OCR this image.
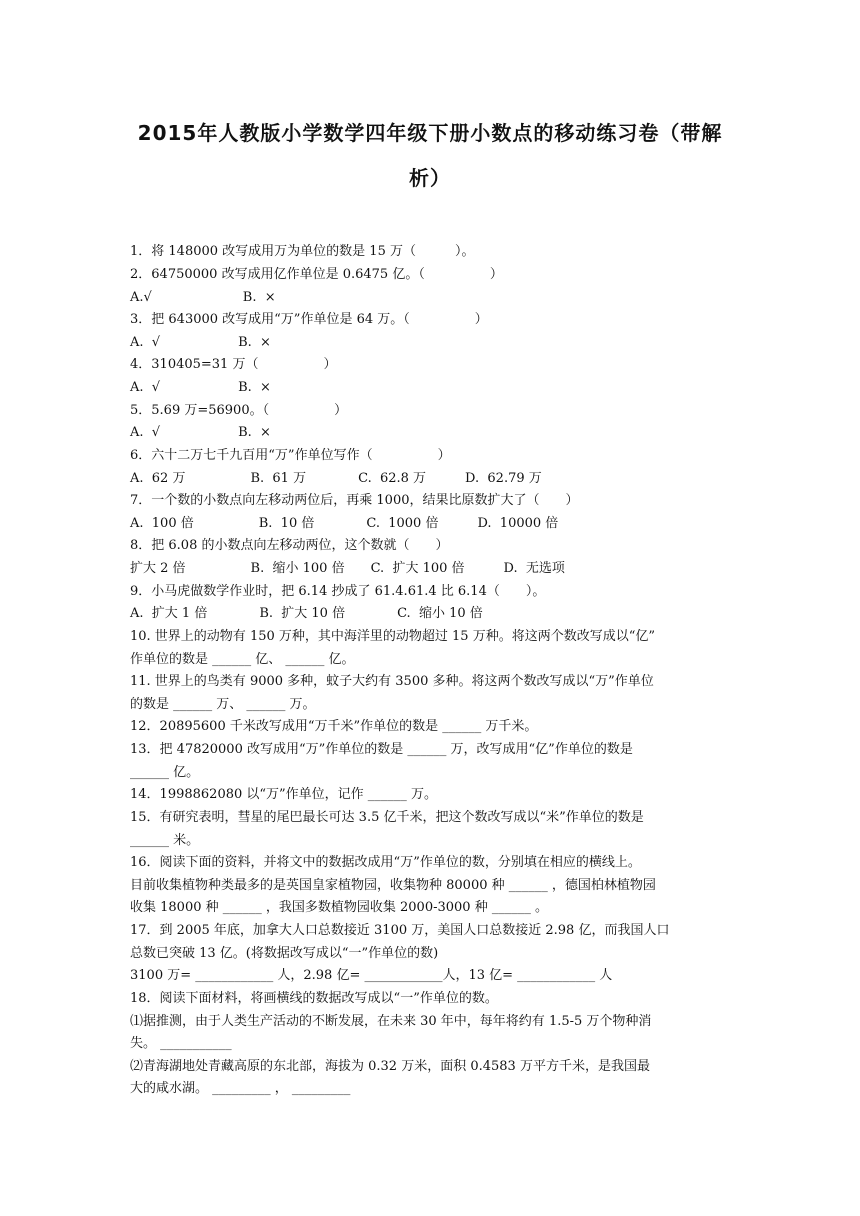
2015年人教版小学数学四年级下册小数点的移动练习卷（带解
析）
1．将 148000 改写成用万为单位的数是 15 万（　　　）。
2．64750000 改写成用亿作单位是 0.6475 亿。（　　　　　）
A.√　　　　　　　B.  ×
3．把 643000 改写成用“万”作单位是 64 万。（　　　　　）
A.  √　　　　　　B.  ×
4．310405=31 万（　　　　　）
A.  √　　　　　　B.  ×
5．5.69 万=56900。（　　　　　）
A.  √　　　　　　B.  ×
6．六十二万七千九百用“万”作单位写作（　　　　　）
A.  62 万　　　　　B.  61 万　　　　C.  62.8 万　　　D.  62.79 万
7．一个数的小数点向左移动两位后，再乘 1000，结果比原数扩大了（　　）
A.  100 倍　　　　　B.  10 倍　　　　C.  1000 倍　　　D.  10000 倍
8．把 6.08 的小数点向左移动两位，这个数就（　　）
扩大 2 倍　　　　　B.  缩小 100 倍　　C.  扩大 100 倍　　　D.  无选项
9．小马虎做数学作业时，把 6.14 抄成了 61.4.61.4 比 6.14（　　）。
A.  扩大 1 倍　　　　B.  扩大 10 倍　　　　C.  缩小 10 倍
10. 世界上的动物有 150 万种，其中海洋里的动物超过 15 万种。将这两个数改写成以“亿”
作单位的数是 ______ 亿、 ______ 亿。
11. 世界上的鸟类有 9000 多种，蚊子大约有 3500 多种。将这两个数改写成以“万”作单位
的数是 ______ 万、 ______ 万。
12．20895600 千米改写成用“万千米”作单位的数是 ______ 万千米。
13．把 47820000 改写成用“万”作单位的数是 ______ 万，改写成用“亿”作单位的数是
______ 亿。
14．1998862080 以“万”作单位，记作 ______ 万。
15．有研究表明，彗星的尾巴最长可达 3.5 亿千米，把这个数改写成以“米”作单位的数是
______ 米。
16．阅读下面的资料，并将文中的数据改成用“万”作单位的数，分别填在相应的横线上。
目前收集植物种类最多的是英国皇家植物园，收集物种 80000 种 ______ ，德国柏林植物园
收集 18000 种 ______ ，我国多数植物园收集 2000-3000 种 ______ 。
17．到 2005 年底，加拿大人口总数接近 3100 万，美国人口总数接近 2.98 亿，而我国人口
总数已突破 13 亿。(将数据改写成以“一”作单位的数)
3100 万= ____________ 人，2.98 亿= ____________人，13 亿= ____________ 人
18．阅读下面材料，将画横线的数据改写成以“一”作单位的数。
⑴据推测，由于人类生产活动的不断发展，在未来 30 年中，每年将约有 1.5-5 万个物种消
失。 ___________
⑵青海湖地处青藏高原的东北部，海拔为 0.32 万米，面积 0.4583 万平方千米，是我国最
大的咸水湖。 _________ ， _________
